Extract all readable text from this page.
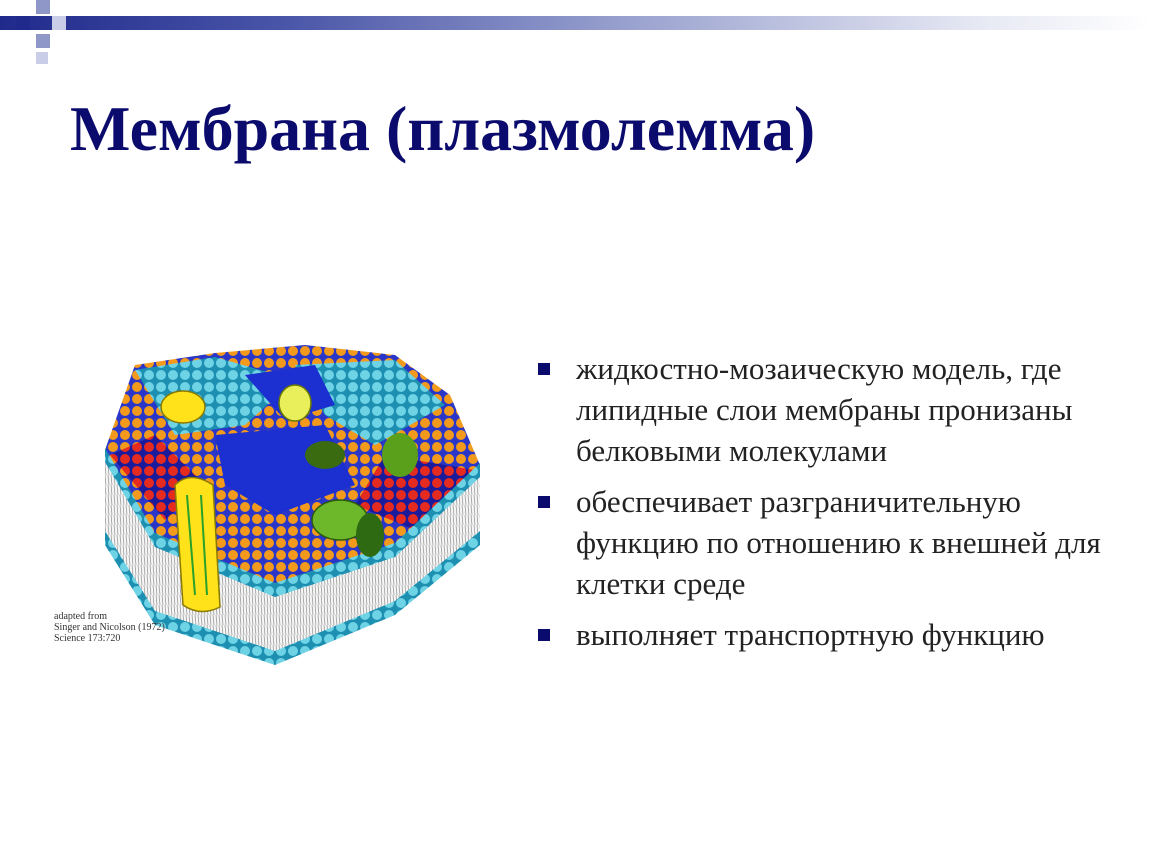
Мембрана (плазмолемма)

adapted from
Singer and Nicolson (1972)
Science 173:720

жидкостно-мозаическую модель, где липидные слои мембраны пронизаны белковыми молекулами
обеспечивает разграничительную функцию по отношению к внешней для клетки среде
выполняет транспортную функцию
